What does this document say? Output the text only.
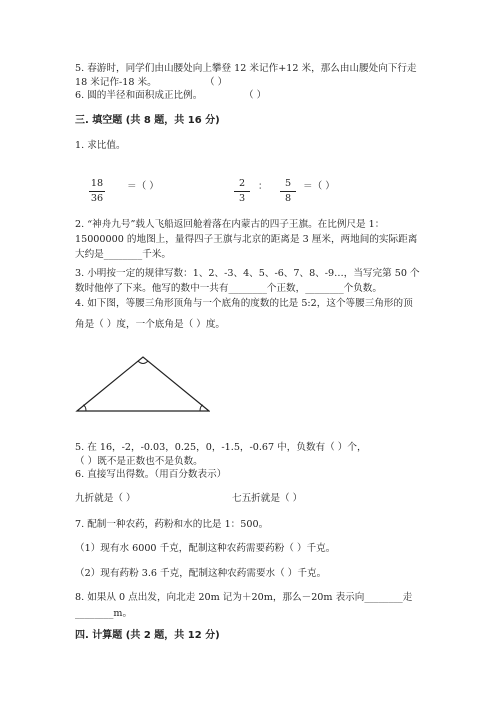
5. 春游时，同学们由山腰处向上攀登 12 米记作+12 米，那么由山腰处向下行走
18 米记作-18 米。	（ ）
6. 圆的半径和面积成正比例。	（ ）
三. 填空题 (共 8 题，共 16 分)
1. 求比值。
18
36
＝（ ）	2
3
：	5
8
＝（ ）
2. “神舟九号”载人飞船返回舱着落在内蒙古的四子王旗。在比例尺是 1：
15000000 的地图上，量得四子王旗与北京的距离是 3 厘米，两地间的实际距离
大约是________千米。
3. 小明按一定的规律写数：1、2、-3、4、5、-6、7、8、-9…，当写完第 50 个
数时他停了下来。他写的数中一共有________个正数，________个负数。
4. 如下图，等腰三角形顶角与一个底角的度数的比是 5:2，这个等腰三角形的顶
角是（ ）度，一个底角是（ ）度。
5. 在 16，-2，-0.03，0.25，0，-1.5，-0.67 中，负数有（ ）个，
（ ）既不是正数也不是负数。
6. 直接写出得数。（用百分数表示）
九折就是（ ）	七五折就是（ ）
7. 配制一种农药，药粉和水的比是 1：500。
（1）现有水 6000 千克，配制这种农药需要药粉（ ）千克。
（2）现有药粉 3.6 千克，配制这种农药需要水（ ）千克。
8. 如果从 0 点出发，向北走 20m 记为＋20m，那么－20m 表示向________走
________m。
四. 计算题 (共 2 题，共 12 分)
